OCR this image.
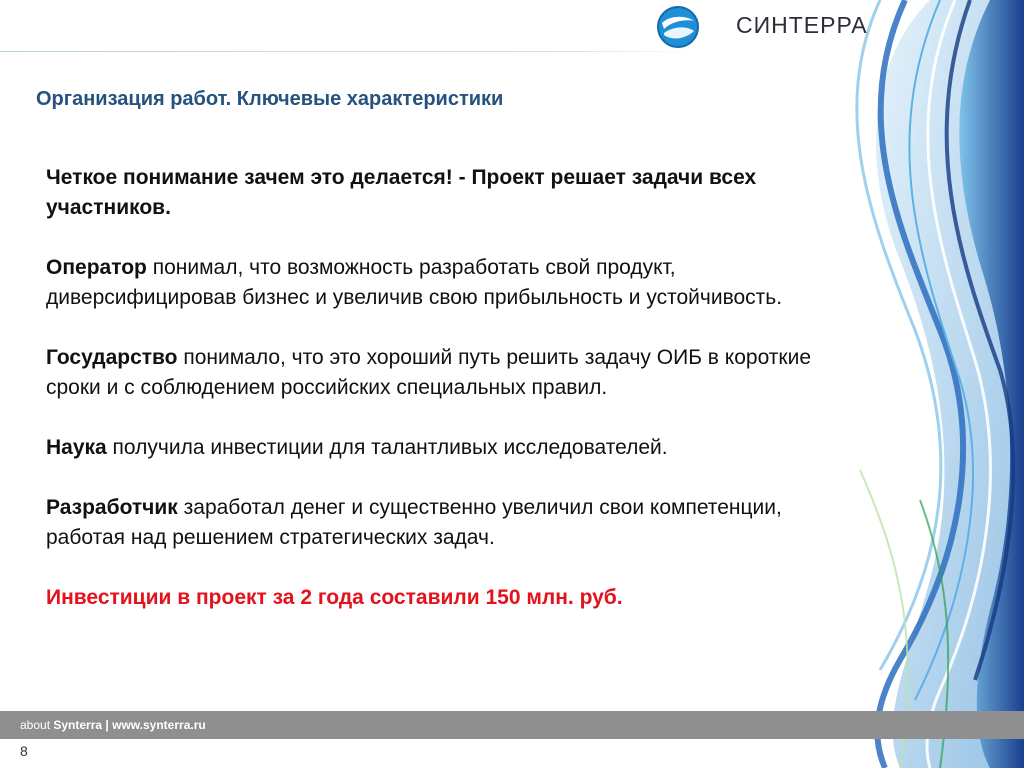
СИНТЕРРА
Организация работ. Ключевые характеристики

Четкое понимание зачем это делается! - Проект решает задачи всех участников.

Оператор понимал, что возможность разработать свой продукт, диверсифицировав бизнес и увеличив свою прибыльность и устойчивость.

Государство понимало, что это хороший путь решить задачу ОИБ в короткие сроки и с соблюдением российских специальных правил.

Наука получила инвестиции для талантливых исследователей.

Разработчик заработал денег и существенно увеличил свои компетенции, работая над решением стратегических задач.

Инвестиции в проект за 2 года составили 150 млн. руб.

about Synterra | www.synterra.ru
8
